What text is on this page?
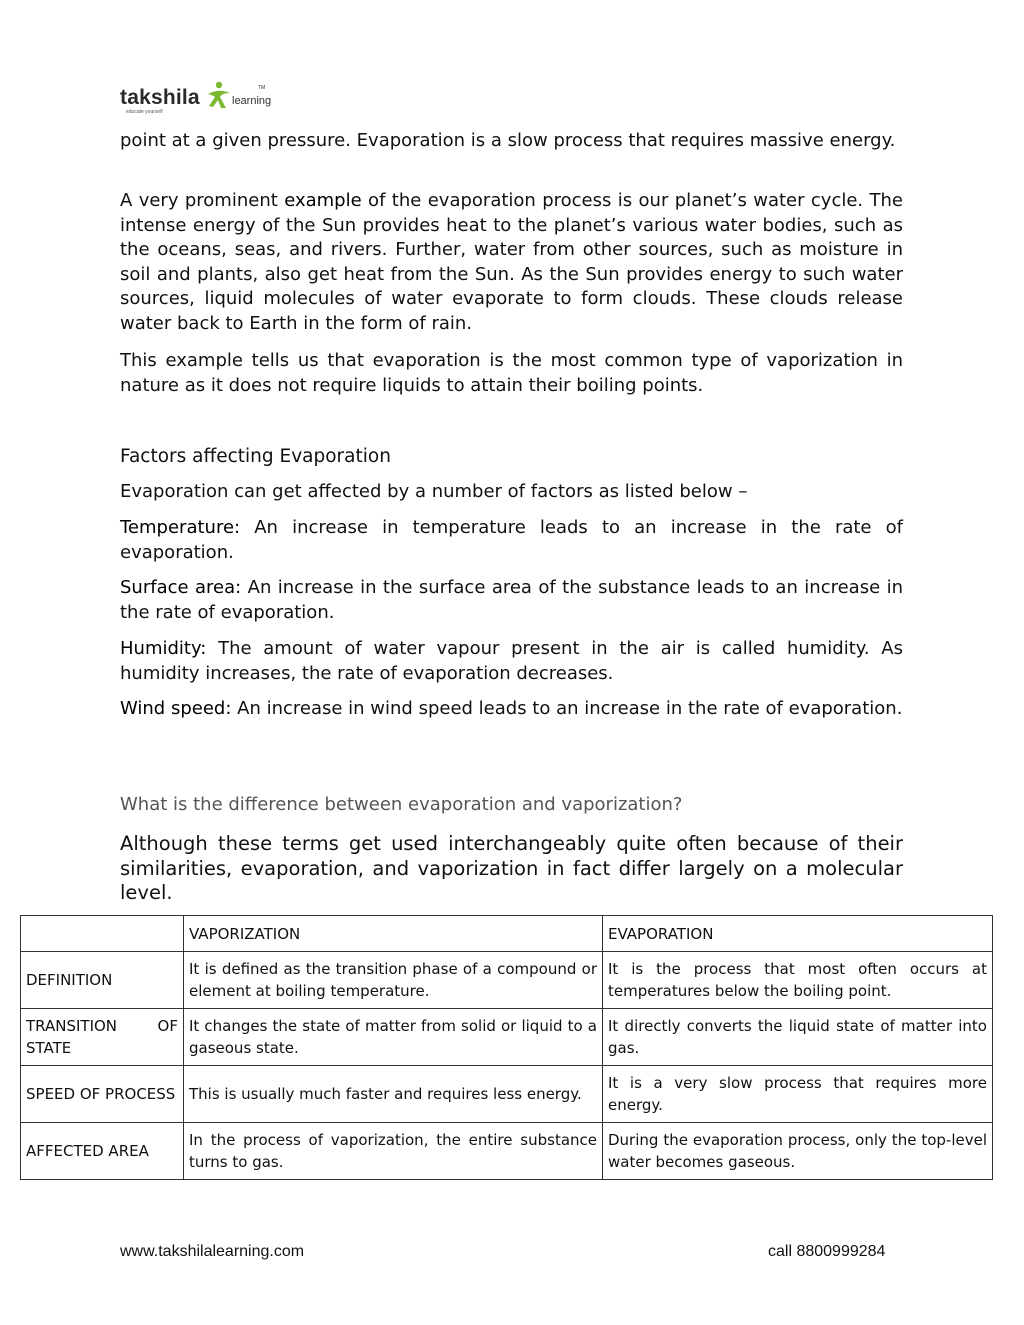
takshila	learning
TM
educate yourself

point at a given pressure. Evaporation is a slow process that requires massive energy.

A very prominent example of the evaporation process is our planet’s water cycle. The intense energy of the Sun provides heat to the planet’s various water bodies, such as the oceans, seas, and rivers. Further, water from other sources, such as moisture in soil and plants, also get heat from the Sun. As the Sun provides energy to such water sources, liquid molecules of water evaporate to form clouds. These clouds release water back to Earth in the form of rain.

This example tells us that evaporation is the most common type of vaporization in nature as it does not require liquids to attain their boiling points.

Factors affecting Evaporation

Evaporation can get affected by a number of factors as listed below –

Temperature: An increase in temperature leads to an increase in the rate of evaporation.

Surface area: An increase in the surface area of the substance leads to an increase in the rate of evaporation.

Humidity: The amount of water vapour present in the air is called humidity. As humidity increases, the rate of evaporation decreases.

Wind speed: An increase in wind speed leads to an increase in the rate of evaporation.

What is the difference between evaporation and vaporization?

Although these terms get used interchangeably quite often because of their similarities, evaporation, and vaporization in fact differ largely on a molecular level.

	VAPORIZATION	EVAPORATION
DEFINITION	It is defined as the transition phase of a compound or element at boiling temperature.	It is the process that most often occurs at temperatures below the boiling point.
TRANSITION OF STATE	It changes the state of matter from solid or liquid to a gaseous state.	It directly converts the liquid state of matter into gas.
SPEED OF PROCESS	This is usually much faster and requires less energy.	It is a very slow process that requires more energy.
AFFECTED AREA	In the process of vaporization, the entire substance turns to gas.	During the evaporation process, only the top-level water becomes gaseous.
www.takshilalearning.com	call 8800999284
